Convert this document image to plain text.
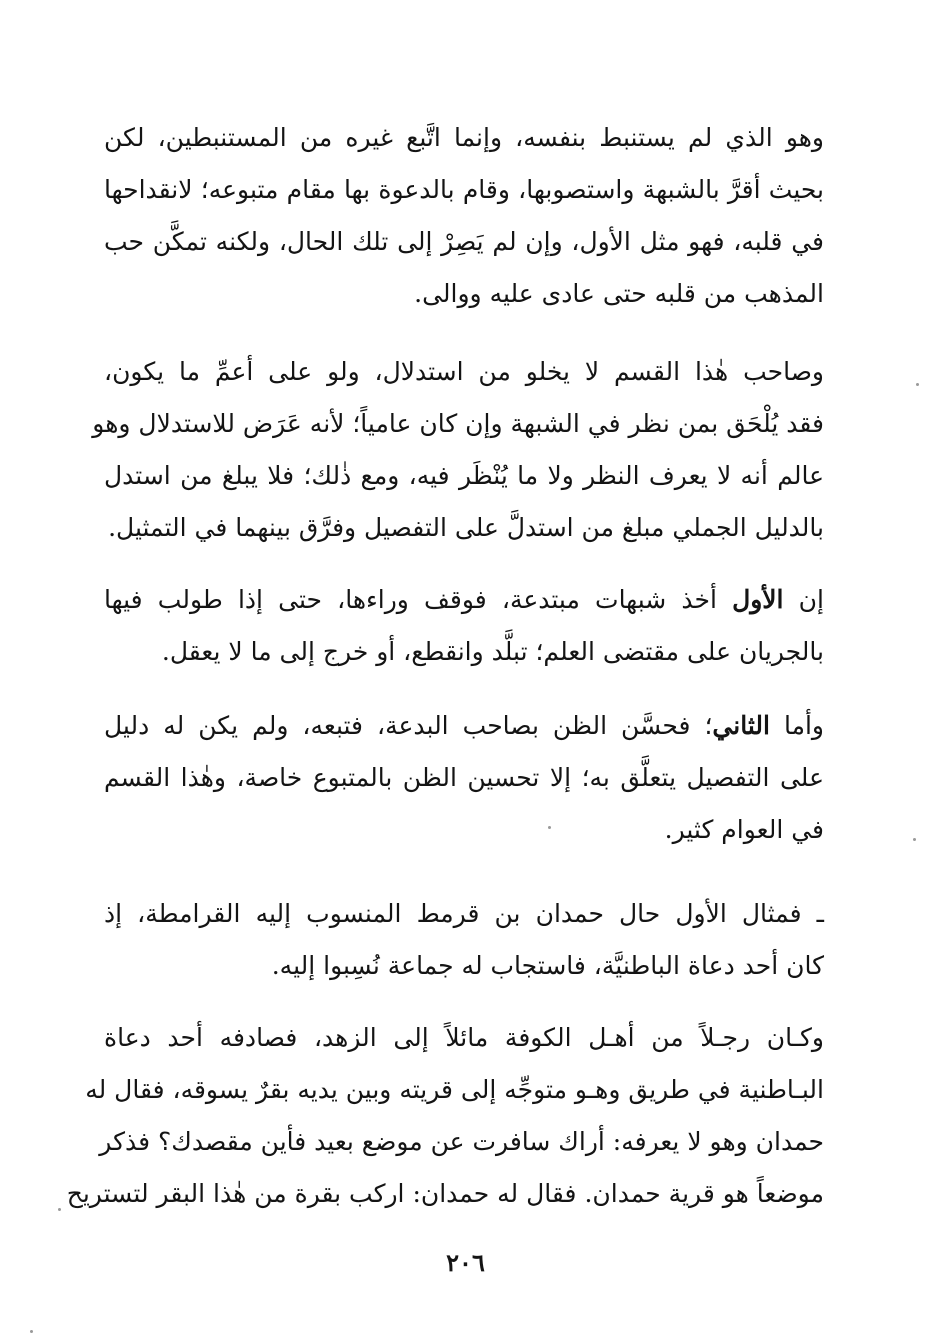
وهو الذي لم يستنبط بنفسه، وإنما اتَّبع غيره من المستنبطين، لكن
بحيث أقرَّ بالشبهة واستصوبها، وقام بالدعوة بها مقام متبوعه؛ لانقداحها
في قلبه، فهو مثل الأول، وإن لم يَصِرْ إلى تلك الحال، ولكنه تمكَّن حب
المذهب من قلبه حتى عادى عليه ووالى.
وصاحب هٰذا القسم لا يخلو من استدلال، ولو على أعمِّ ما يكون،
فقد يُلْحَق بمن نظر في الشبهة وإن كان عامياً؛ لأنه عَرَض للاستدلال وهو
عالم أنه لا يعرف النظر ولا ما يُنْظَر فيه، ومع ذٰلك؛ فلا يبلغ من استدل
بالدليل الجملي مبلغ من استدلَّ على التفصيل وفرَّق بينهما في التمثيل.
إن الأول أخذ شبهات مبتدعة، فوقف وراءها، حتى إذا طولب فيها
بالجريان على مقتضى العلم؛ تبلَّد وانقطع، أو خرج إلى ما لا يعقل.
وأما الثاني؛ فحسَّن الظن بصاحب البدعة، فتبعه، ولم يكن له دليل
على التفصيل يتعلَّق به؛ إلا تحسين الظن بالمتبوع خاصة، وهٰذا القسم
في العوام كثير.
ـ فمثال الأول حال حمدان بن قرمط المنسوب إليه القرامطة، إذ
كان أحد دعاة الباطنيَّة، فاستجاب له جماعة نُسِبوا إليه.
وكـان رجـلاً من أهـل الكوفة مائلاً إلى الزهد، فصادفه أحد دعاة
البـاطنية في طريق وهـو متوجِّه إلى قريته وبين يديه بقرٌ يسوقه، فقال له
حمدان وهو لا يعرفه: أراك سافرت عن موضع بعيد فأين مقصدك؟ فذكر
موضعاً هو قرية حمدان. فقال له حمدان: اركب بقرة من هٰذا البقر لتستريح
٢٠٦
